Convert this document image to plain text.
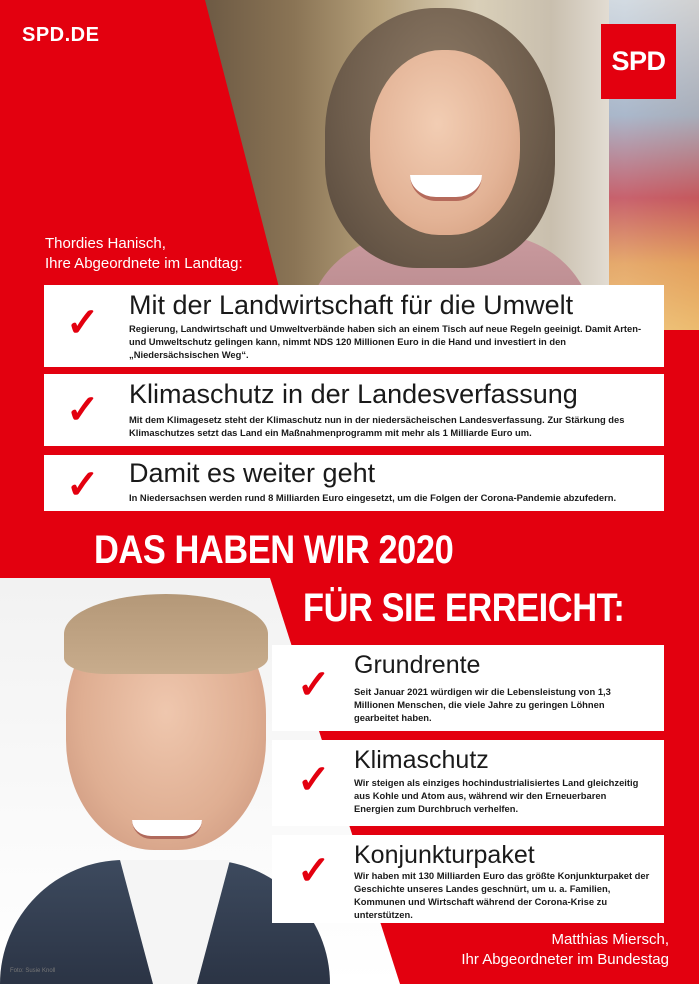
SPD.DE
SPD
Thordies Hanisch,
Ihre Abgeordnete im Landtag:
✓ Mit der Landwirtschaft für die Umwelt
Regierung, Landwirtschaft und Umweltverbände haben sich an einem Tisch auf neue Regeln geeinigt. Damit Arten- und Umweltschutz gelingen kann, nimmt NDS 120 Millionen Euro in die Hand und investiert in den „Niedersächsischen Weg“.
✓ Klimaschutz in der Landesverfassung
Mit dem Klimagesetz steht der Klimaschutz nun in der niedersächeischen Landesverfassung. Zur Stärkung des Klimaschutzes setzt das Land ein Maßnahmenprogramm mit mehr als 1 Milliarde Euro um.
✓ Damit es weiter geht
In Niedersachsen werden rund 8 Milliarden Euro eingesetzt, um die Folgen der Corona-Pandemie abzufedern.
DAS HABEN WIR 2020
FÜR SIE ERREICHT:
✓ Grundrente
Seit Januar 2021 würdigen wir die Lebensleistung von 1,3 Millionen Menschen, die viele Jahre zu geringen Löhnen gearbeitet haben.
✓ Klimaschutz
Wir steigen als einziges hochindustrialisiertes Land gleichzeitig aus Kohle und Atom aus, während wir den Erneuerbaren Energien zum Durchbruch verhelfen.
✓ Konjunkturpaket
Wir haben mit 130 Milliarden Euro das größte Konjunkturpaket der Geschichte unseres Landes geschnürt, um u. a. Familien, Kommunen und Wirtschaft während der Corona-Krise zu unterstützen.
Matthias Miersch,
Ihr Abgeordneter im Bundestag
Foto: Susie Knoll
